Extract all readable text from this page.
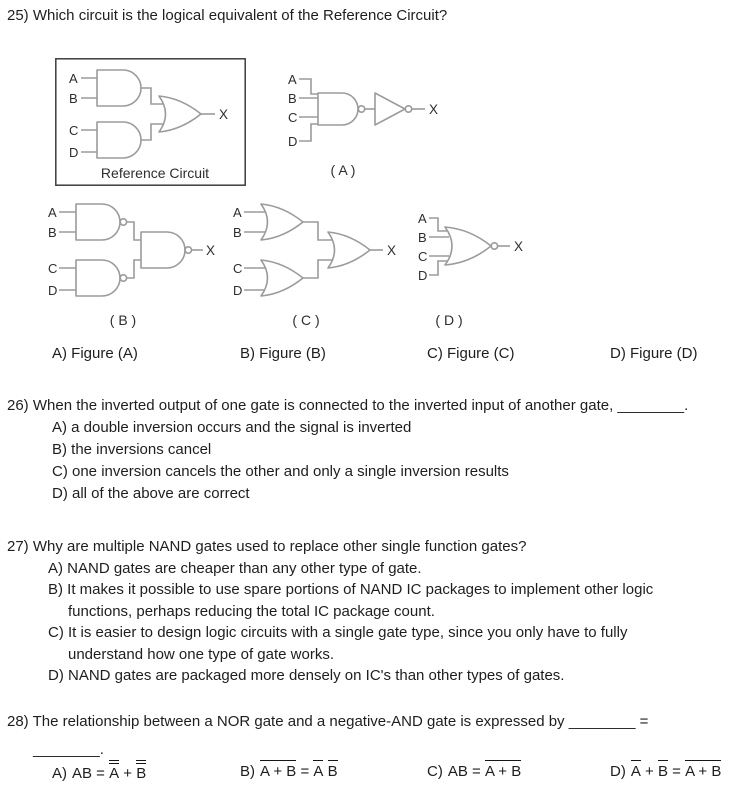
25) Which circuit is the logical equivalent of the Reference Circuit?
A
B
C
D
X
Reference Circuit
A
B
C
D
X
( A )
A
B
C
D
X
( B )
A
B
C
D
X
( C )
A
B
C
D
X
( D )
A) Figure (A)	B) Figure (B)	C) Figure (C)	D) Figure (D)
26) When the inverted output of one gate is connected to the inverted input of another gate, ________.
A) a double inversion occurs and the signal is inverted
B) the inversions cancel
C) one inversion cancels the other and only a single inversion results
D) all of the above are correct
27) Why are multiple NAND gates used to replace other single function gates?
A) NAND gates are cheaper than any other type of gate.
B) It makes it possible to use spare portions of NAND IC packages to implement other logic
functions, perhaps reducing the total IC package count.
C) It is easier to design logic circuits with a single gate type, since you only have to fully
understand how one type of gate works.
D) NAND gates are packaged more densely on IC's than other types of gates.
28) The relationship between a NOR gate and a negative-AND gate is expressed by ________ =
________.
A) AB = A + B	B) A + B = A B	C) AB = A + B	D) A + B = A + B
